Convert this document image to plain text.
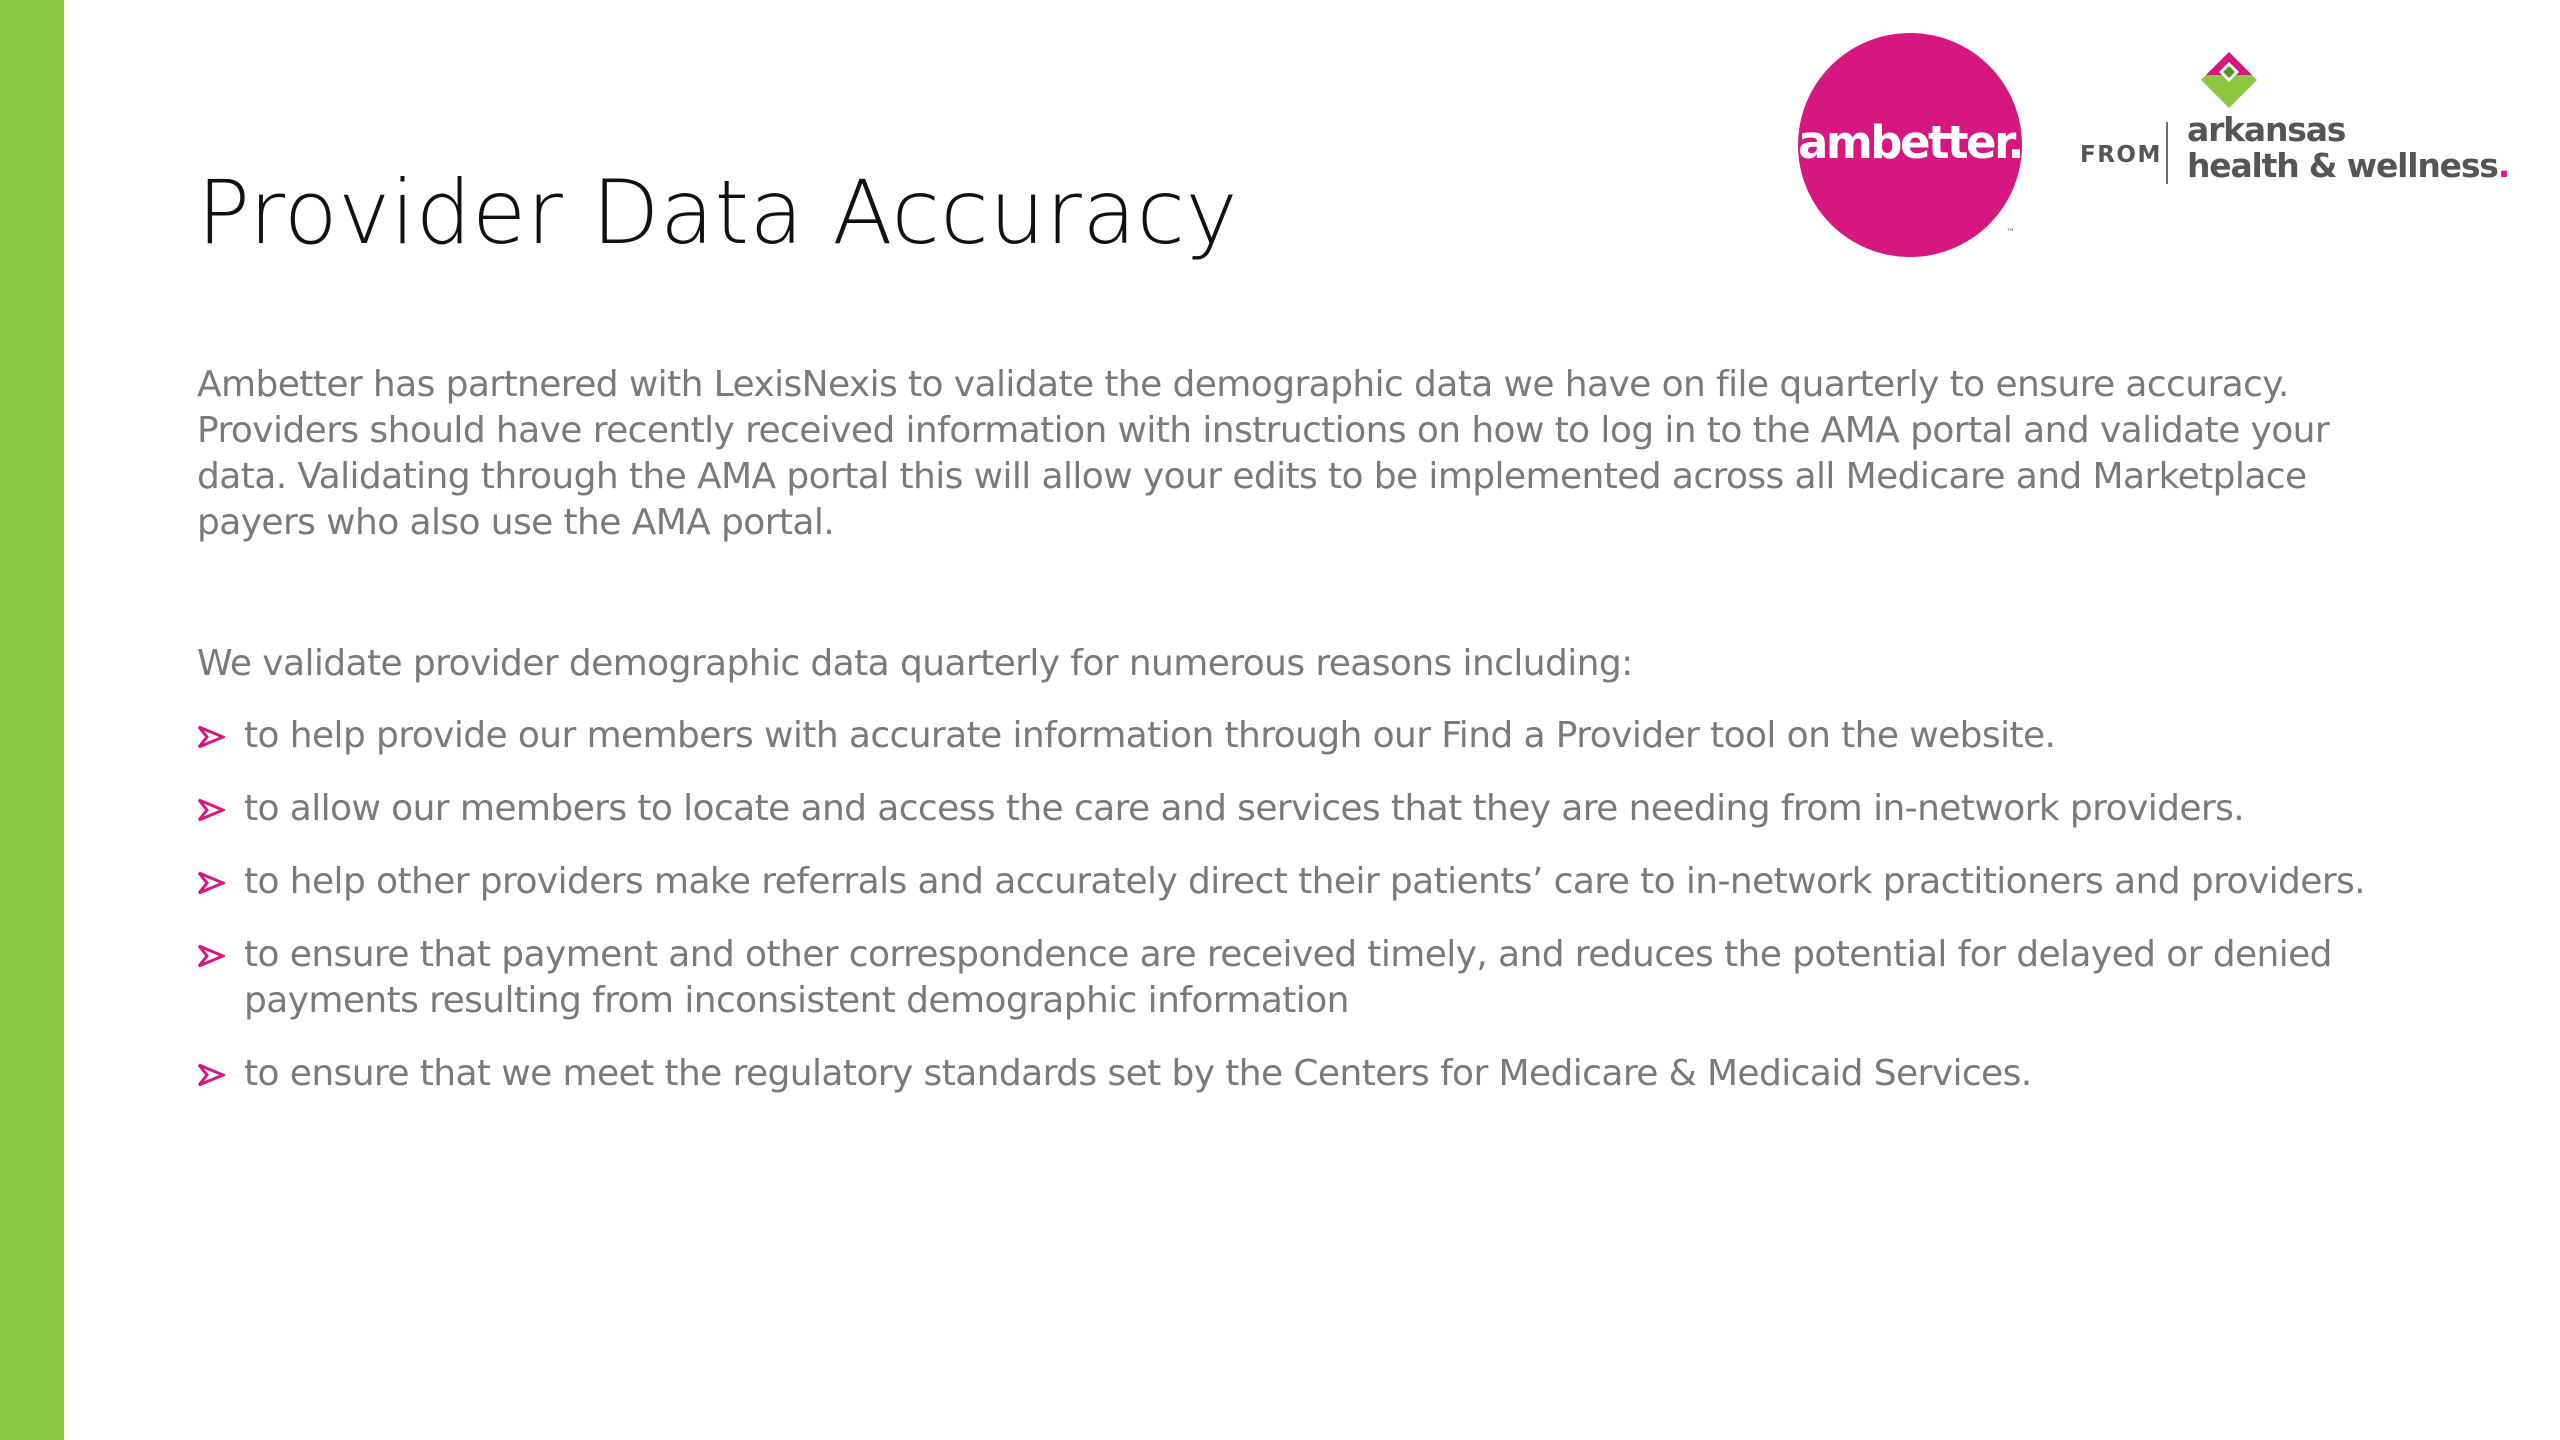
Provider Data Accuracy
ambetter.
™
FROM
arkansas
health & wellness.

Ambetter has partnered with LexisNexis to validate the demographic data we have on file quarterly to ensure accuracy. Providers should have recently received information with instructions on how to log in to the AMA portal and validate your data. Validating through the AMA portal this will allow your edits to be implemented across all Medicare and Marketplace payers who also use the AMA portal.

We validate provider demographic data quarterly for numerous reasons including:

to help provide our members with accurate information through our Find a Provider tool on the website.
to allow our members to locate and access the care and services that they are needing from in-network providers.
to help other providers make referrals and accurately direct their patients’ care to in-network practitioners and providers.
to ensure that payment and other correspondence are received timely, and reduces the potential for delayed or denied payments resulting from inconsistent demographic information
to ensure that we meet the regulatory standards set by the Centers for Medicare & Medicaid Services.
